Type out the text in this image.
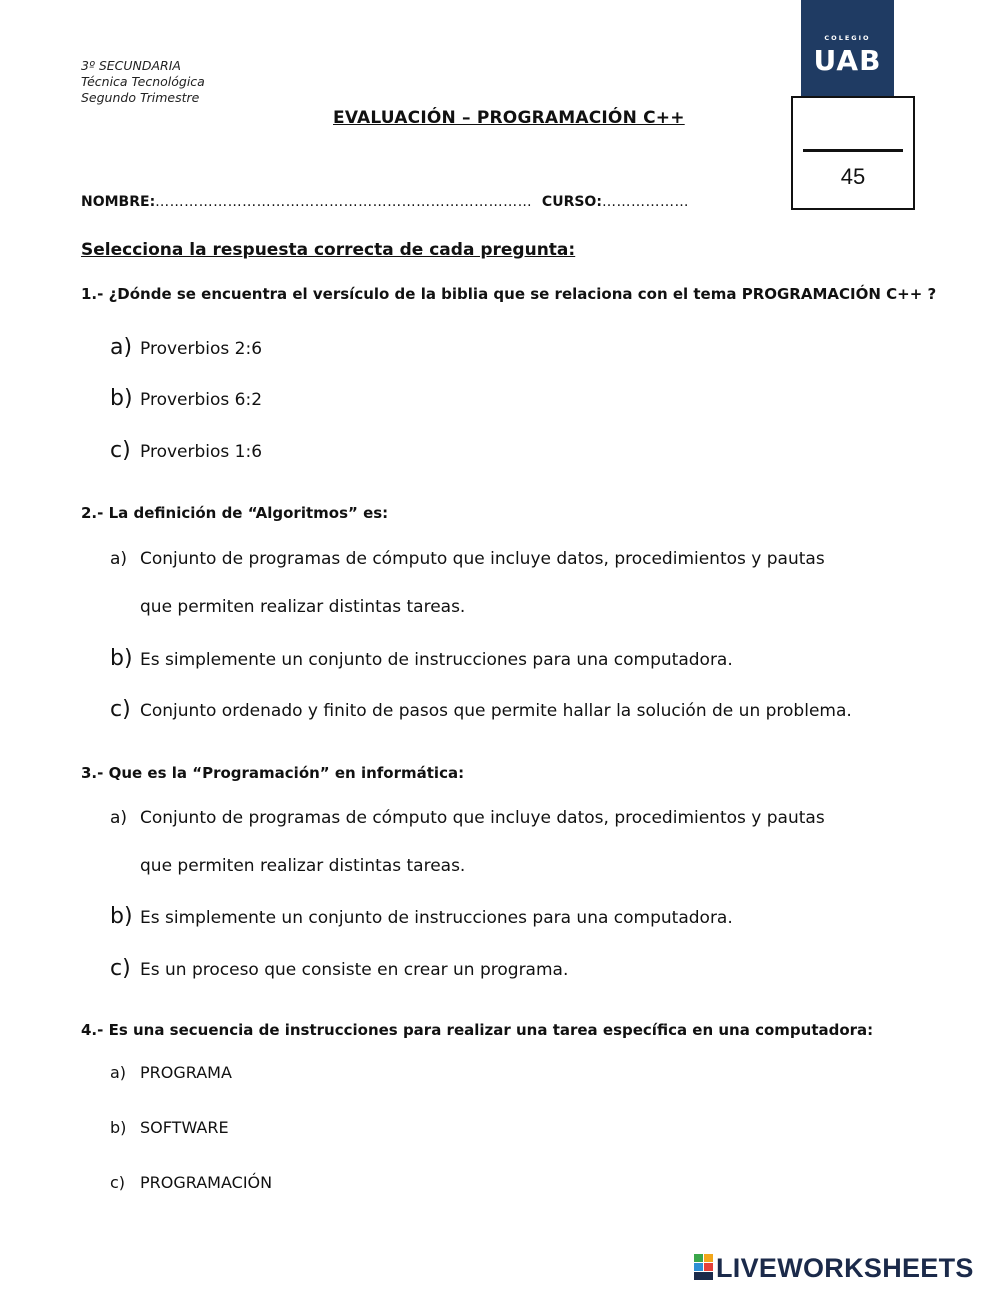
3º SECUNDARIA
Técnica Tecnológica
Segundo Trimestre
EVALUACIÓN – PROGRAMACIÓN C++
COLEGIO
UAB
45
NOMBRE:…………………………………………………………………… CURSO:………………
Selecciona la respuesta correcta de cada pregunta:
1.- ¿Dónde se encuentra el versículo de la biblia que se relaciona con el tema PROGRAMACIÓN C++ ?
a) Proverbios 2:6
b) Proverbios 6:2
c) Proverbios 1:6
2.- La definición de “Algoritmos” es:
a) Conjunto de programas de cómputo que incluye datos, procedimientos y pautas
que permiten realizar distintas tareas.
b) Es simplemente un conjunto de instrucciones para una computadora.
c) Conjunto ordenado y finito de pasos que permite hallar la solución de un problema.
3.- Que es la “Programación” en informática:
a) Conjunto de programas de cómputo que incluye datos, procedimientos y pautas
que permiten realizar distintas tareas.
b) Es simplemente un conjunto de instrucciones para una computadora.
c) Es un proceso que consiste en crear un programa.
4.- Es una secuencia de instrucciones para realizar una tarea específica en una computadora:
a) PROGRAMA
b) SOFTWARE
c) PROGRAMACIÓN
LIVEWORKSHEETS
